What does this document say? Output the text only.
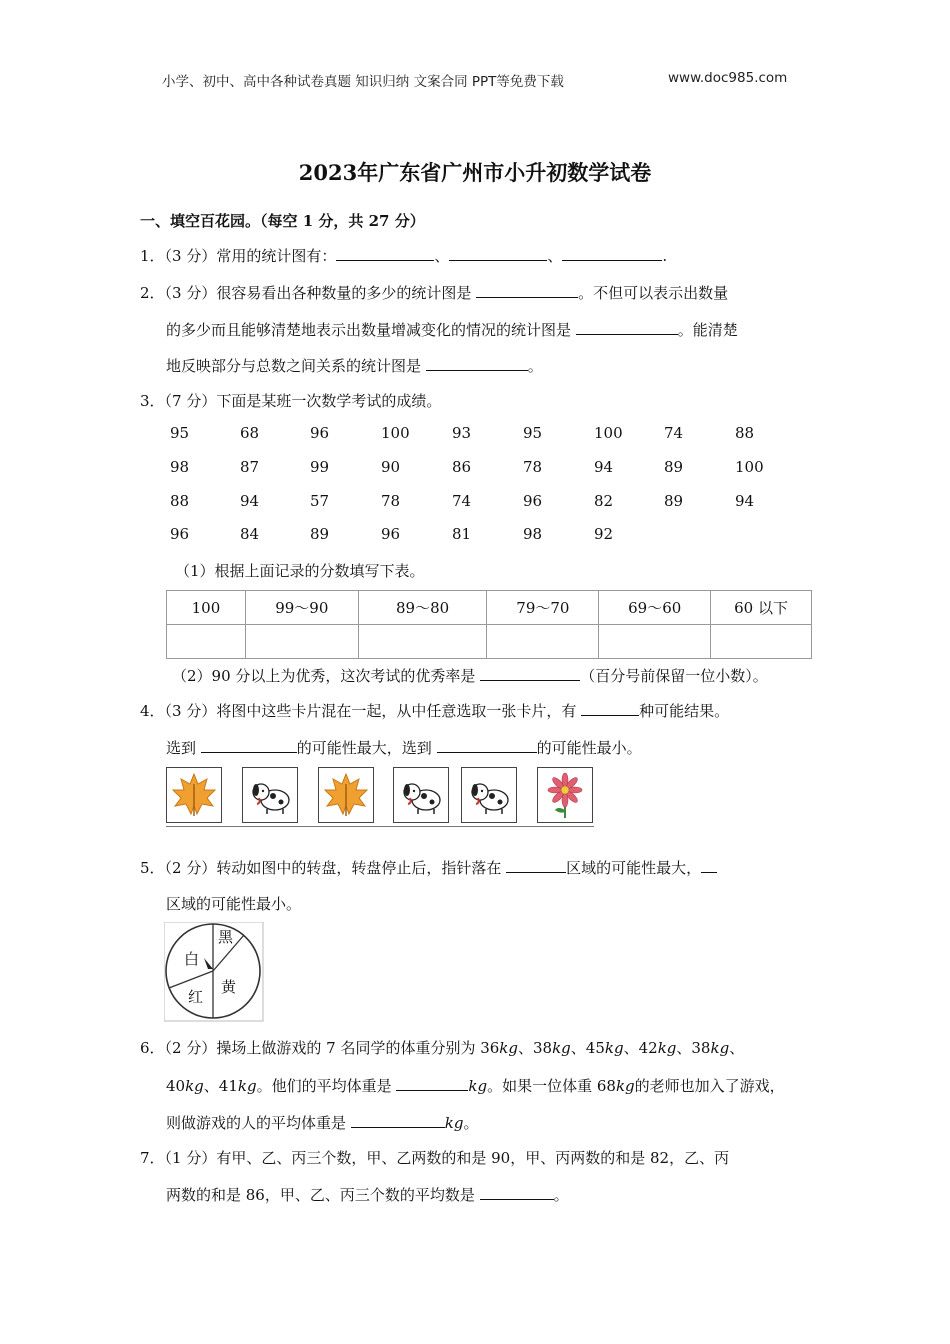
小学、初中、高中各种试卷真题 知识归纳 文案合同 PPT等免费下载	www.doc985.com
2023年广东省广州市小升初数学试卷
一、填空百花园。（每空 1 分，共 27 分）
1．（3 分）常用的统计图有：	、	、	.
2．（3 分）很容易看出各种数量的多少的统计图是	。不但可以表示出数量
的多少而且能够清楚地表示出数量增减变化的情况的统计图是	。能清楚
地反映部分与总数之间关系的统计图是	。
3．（7 分）下面是某班一次数学考试的成绩。
95	68	96	100	93	95	100	74	88
98	87	99	90	86	78	94	89	100
88	94	57	78	74	96	82	89	94
96	84	89	96	81	98	92
（1）根据上面记录的分数填写下表。
100	99～90	89～80	79～70	69～60	60 以下

（2）90 分以上为优秀，这次考试的优秀率是	（百分号前保留一位小数）。
4．（3 分）将图中这些卡片混在一起，从中任意选取一张卡片，有	种可能结果。
选到	的可能性最大，选到	的可能性最小。
5．（2 分）转动如图中的转盘，转盘停止后，指针落在	区域的可能性最大，
区域的可能性最小。
黑
白
黄
红
6．（2 分）操场上做游戏的 7 名同学的体重分别为 36kg、38kg、45kg、42kg、38kg、
40kg、41kg。他们的平均体重是	kg。如果一位体重 68kg的老师也加入了游戏，
则做游戏的人的平均体重是	kg。
7．（1 分）有甲、乙、丙三个数，甲、乙两数的和是 90，甲、丙两数的和是 82，乙、丙
两数的和是 86，甲、乙、丙三个数的平均数是	。
